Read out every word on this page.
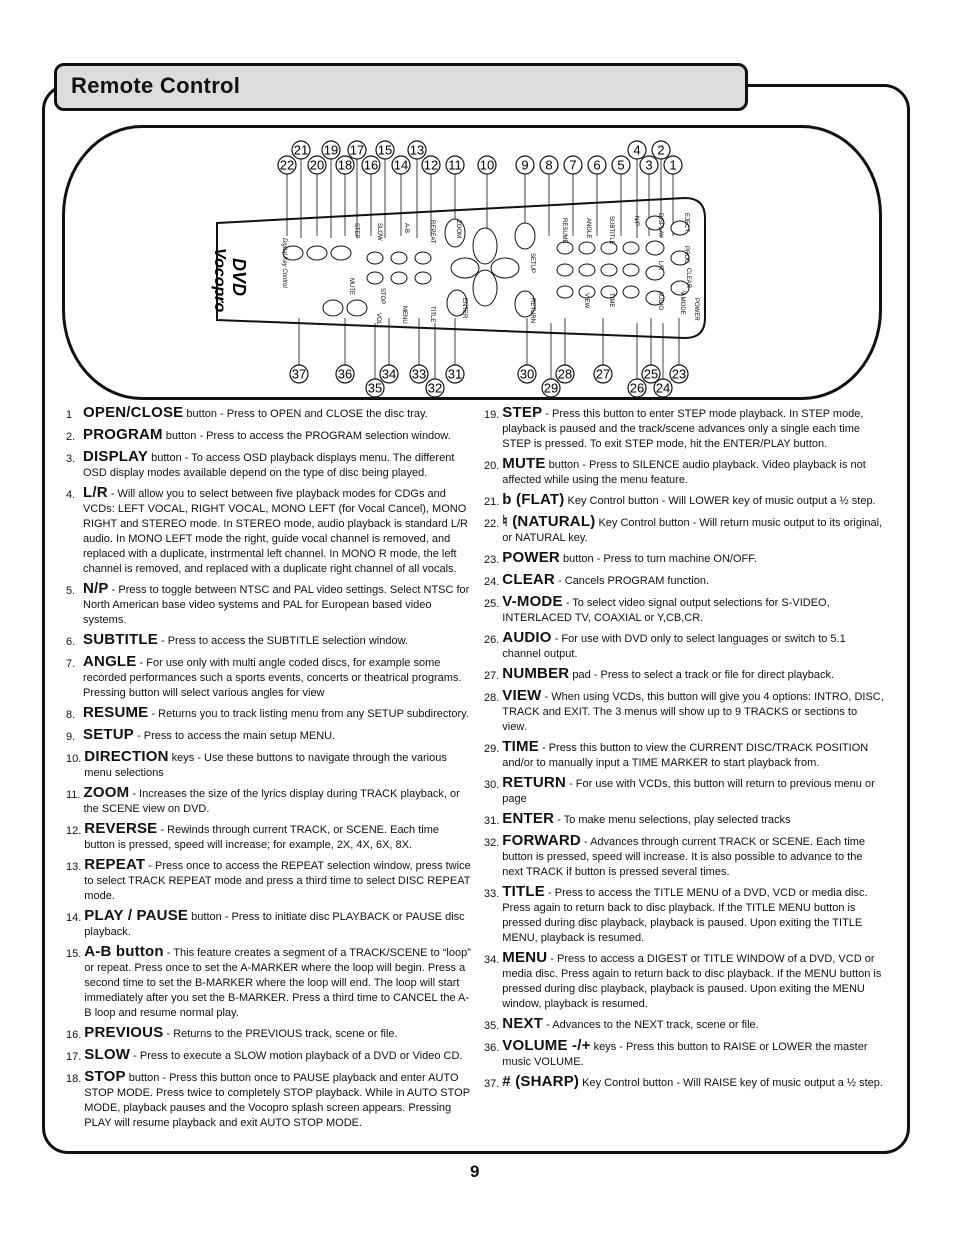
Remote Control
21 19 17 15 13	4 2
22 20 18 16 14 12 11 10 9 8 7 6 5 3 1
37 36 34 33 31	30 28 27	25 23
35	32	29	26 24
STEP	SLOW	A-B	REPEAT	ZOOM
MUTE
STOP
VOL	MENU	TITLE
RESUME	ANGLE	SUBTITLE	N/P	DISPLAY
L/R
AUDIO	V-MODE
EJECT
PROG
CLEAR
POWER
SETUP
RETURN
ENTER	VIEW	TIME
DVD
Vocopro	Digital Key Control
1 OPEN/CLOSE button - Press to OPEN and CLOSE the disc tray.
2. PROGRAM button - Press to access the PROGRAM selection window.
3. DISPLAY button - To access OSD playback displays menu. The different OSD display modes available depend on the type of disc being played.
4. L/R - Will allow you to select between five playback modes for CDGs and VCDs: LEFT VOCAL, RIGHT VOCAL, MONO LEFT (for Vocal Cancel), MONO RIGHT and STEREO mode. In STEREO mode, audio playback is standard L/R audio. In MONO LEFT mode the right, guide vocal channel is removed, and replaced with a duplicate, instrmental left channel. In MONO R mode, the left channel is removed, and replaced with a duplicate right channel of all vocals.
5. N/P - Press to toggle between NTSC and PAL video settings. Select NTSC for North American base video systems and PAL for European based video systems.
6. SUBTITLE - Press to access the SUBTITLE selection window.
7. ANGLE - For use only with multi angle coded discs, for example some recorded performances such a sports events, concerts or theatrical programs. Pressing button will select various angles for view
8. RESUME - Returns you to track listing menu from any SETUP subdirectory.
9. SETUP - Press to access the main setup MENU.
10. DIRECTION keys - Use these buttons to navigate through the various menu selections
11. ZOOM - Increases the size of the lyrics display during TRACK playback, or the SCENE view on DVD.
12. REVERSE - Rewinds through current TRACK, or SCENE. Each time button is pressed, speed will increase; for example, 2X, 4X, 6X, 8X.
13. REPEAT - Press once to access the REPEAT selection window, press twice to select TRACK REPEAT mode and press a third time to select DISC REPEAT mode.
14. PLAY / PAUSE button - Press to initiate disc PLAYBACK or PAUSE disc playback.
15. A-B button - This feature creates a segment of a TRACK/SCENE to “loop” or repeat. Press once to set the A-MARKER where the loop will begin. Press a second time to set the B-MARKER where the loop will end. The loop will start immediately after you set the B-MARKER. Press a third time to CANCEL the A-B loop and resume normal play.
16. PREVIOUS - Returns to the PREVIOUS track, scene or file.
17. SLOW - Press to execute a SLOW motion playback of a DVD or Video CD.
18. STOP button - Press this button once to PAUSE playback and enter AUTO STOP MODE. Press twice to completely STOP playback. While in AUTO STOP MODE, playback pauses and the Vocopro splash screen appears. Pressing PLAY will resume playback and exit AUTO STOP MODE.
19. STEP - Press this button to enter STEP mode playback. In STEP mode, playback is paused and the track/scene advances only a single each time STEP is pressed. To exit STEP mode, hit the ENTER/PLAY button.
20. MUTE button - Press to SILENCE audio playback. Video playback is not affected while using the menu feature.
21. b (FLAT) Key Control button - Will LOWER key of music output a ½ step.
22. ♮ (NATURAL) Key Control button - Will return music output to its original, or NATURAL key.
23. POWER button - Press to turn machine ON/OFF.
24. CLEAR - Cancels PROGRAM function.
25. V-MODE - To select video signal output selections for S-VIDEO, INTERLACED TV, COAXIAL or Y,CB,CR.
26. AUDIO - For use with DVD only to select languages or switch to 5.1 channel output.
27. NUMBER pad - Press to select a track or file for direct playback.
28. VIEW - When using VCDs, this button will give you 4 options: INTRO, DISC, TRACK and EXIT. The 3 menus will show up to 9 TRACKS or sections to view.
29. TIME - Press this button to view the CURRENT DISC/TRACK POSITION and/or to manually input a TIME MARKER to start playback from.
30. RETURN - For use with VCDs, this button will return to previous menu or page
31. ENTER - To make menu selections, play selected tracks
32. FORWARD - Advances through current TRACK or SCENE. Each time button is pressed, speed will increase. It is also possible to advance to the next TRACK if button is pressed several times.
33. TITLE - Press to access the TITLE MENU of a DVD, VCD or media disc. Press again to return back to disc playback. If the TITLE MENU button is pressed during disc playback, playback is paused. Upon exiting the TITLE MENU, playback is resumed.
34. MENU - Press to access a DIGEST or TITLE WINDOW of a DVD, VCD or media disc. Press again to return back to disc playback. If the MENU button is pressed during disc playback, playback is paused. Upon exiting the MENU window, playback is resumed.
35. NEXT - Advances to the NEXT track, scene or file.
36. VOLUME -/+ keys - Press this button to RAISE or LOWER the master music VOLUME.
37. # (SHARP) Key Control button - Will RAISE key of music output a ½ step.
9
